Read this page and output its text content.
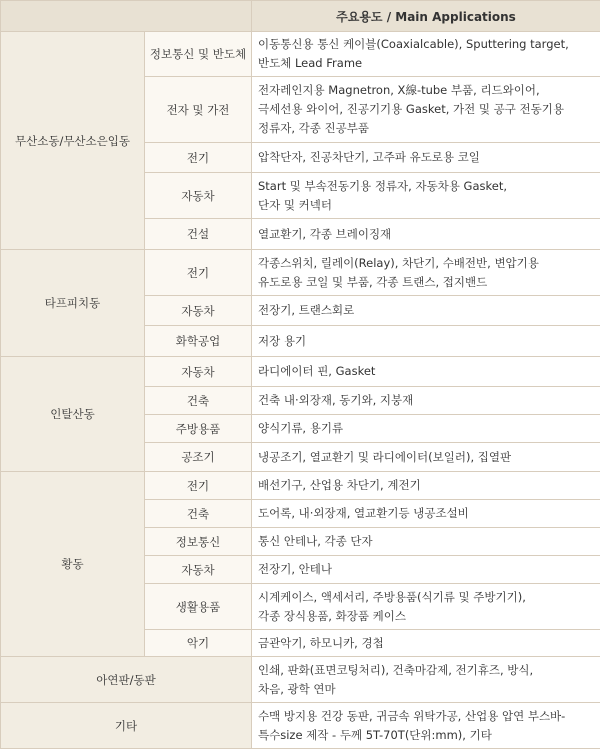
		주요용도 / Main Applications
무산소동/무산소은입동	정보통신 및 반도체	이동통신용 통신 케이블(Coaxialcable), Sputtering target,
반도체 Lead Frame

	전자 및 가전	전자레인지용 Magnetron, X線-tube 부품, 리드와이어,
극세선용 와이어, 진공기기용 Gasket, 가전 및 공구 전동기용
정류자, 각종 진공부품

	전기	압착단자, 진공차단기, 고주파 유도로용 코일

	자동차	Start 및 부속전동기용 정류자, 자동차용 Gasket,
단자 및 커넥터

	건설	열교환기, 각종 브레이징재

타프피치동	전기	각종스위치, 릴레이(Relay), 차단기, 수배전반, 변압기용
유도로용 코일 및 부품, 각종 트랜스, 접지밴드

	자동차	전장기, 트랜스회로

	화학공업	저장 용기

인탈산동	자동차	라디에이터 핀, Gasket

	건축	건축 내·외장재, 동기와, 지붕재

	주방용품	양식기류, 용기류

	공조기	냉공조기, 열교환기 및 라디에이터(보일러), 집열판

황동	전기	배선기구, 산업용 차단기, 계전기

	건축	도어록, 내·외장재, 열교환기등 냉공조설비

	정보통신	통신 안테나, 각종 단자

	자동차	전장기, 안테나

	생활용품	시계케이스, 액세서리, 주방용품(식기류 및 주방기기),
각종 장식용품, 화장품 케이스

	악기	금관악기, 하모니카, 경첩

아연판/동판		인쇄, 판화(표면코팅처리), 건축마감제, 전기휴즈, 방식,
차음, 광학 연마

기타		수맥 방지용 건강 동판, 귀금속 위탁가공, 산업용 압연 부스바-
특수size 제작 - 두께 5T-70T(단위:mm), 기타
